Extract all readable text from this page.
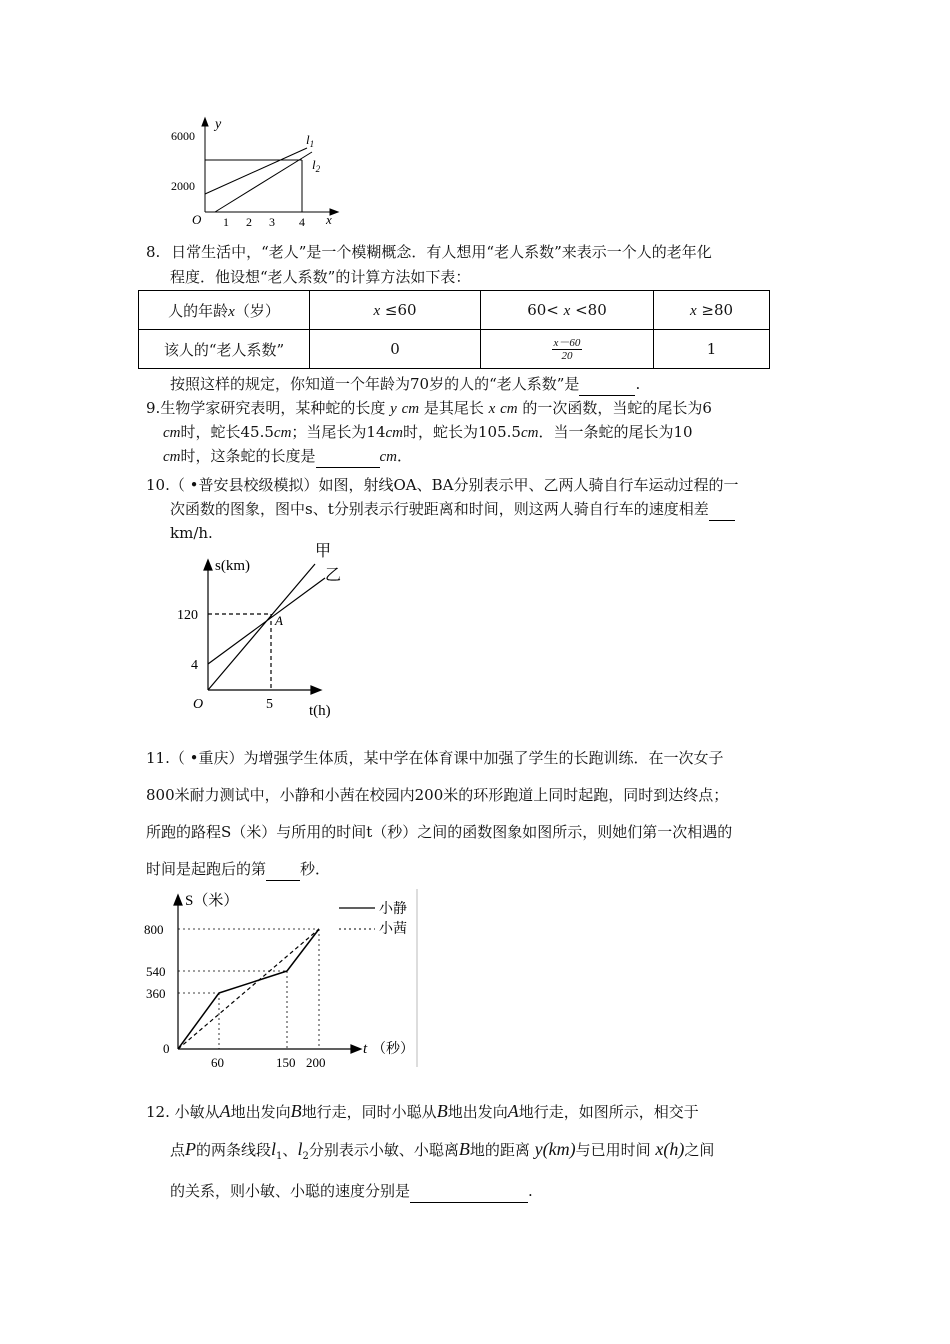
y
x
O
6000
2000
1 2 3 4
$l_1$
$l_2$
8. 日常生活中，“老人”是一个模糊概念．有人想用“老人系数”来表示一个人的老年化
程度．他设想“老人系数”的计算方法如下表：
人的年龄x（岁）	x ≤60	60< x <80	x ≥80
该人的“老人系数”	0	$\frac{x-60}{20}$	1
按照这样的规定，你知道一个年龄为70岁的人的“老人系数”是	.
9.生物学家研究表明，某种蛇的长度 y cm 是其尾长 x cm 的一次函数，当蛇的尾长为6
cm时，蛇长45.5cm；当尾长为14cm时，蛇长为105.5cm．当一条蛇的尾长为10
cm时，这条蛇的长度是	cm．
10.（ •普安县校级模拟）如图，射线OA、BA分别表示甲、乙两人骑自行车运动过程的一
次函数的图象，图中s、t分别表示行驶距离和时间，则这两人骑自行车的速度相差
km/h.
s(km)
t(h)
O
120
4
5
A
甲
乙
11.（ •重庆）为增强学生体质，某中学在体育课中加强了学生的长跑训练．在一次女子
800米耐力测试中，小静和小茜在校园内200米的环形跑道上同时起跑，同时到达终点；
所跑的路程S（米）与所用的时间t（秒）之间的函数图象如图所示，则她们第一次相遇的
时间是起跑后的第 秒．
S（米）
t （秒）
0
800
540
360
60	150 200
小静
小茜
12. 小敏从A地出发向B地行走，同时小聪从B地出发向A地行走，如图所示，相交于
点P的两条线段$l_1$、$l_2$分别表示小敏、小聪离B地的距离 y(km)与已用时间 x(h)之间
的关系，则小敏、小聪的速度分别是	.
